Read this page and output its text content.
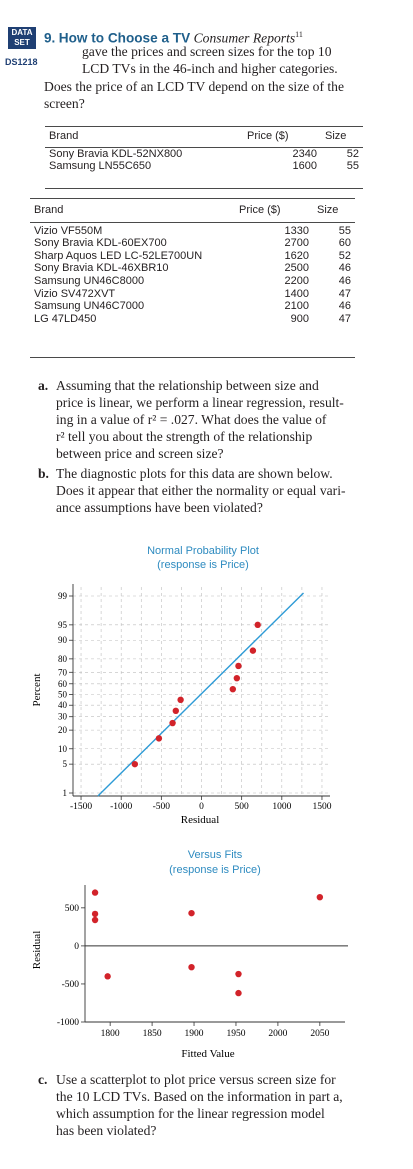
DATA
SET
DS1218
9. How to Choose a TV Consumer Reports$^{11}$
gave the prices and screen sizes for the top 10
LCD TVs in the 46-inch and higher categories.
Does the price of an LCD TV depend on the size of the
screen?
Brand	Price ($)	Size

Sony Bravia KDL-52NX800	2340	52
Samsung LN55C650	1600	55
Brand	Price ($)	Size

Vizio VF550M	1330	55
Sony Bravia KDL-60EX700	2700	60
Sharp Aquos LED LC-52LE700UN	1620	52
Sony Bravia KDL-46XBR10	2500	46
Samsung UN46C8000	2200	46
Vizio SV472XVT	1400	47
Samsung UN46C7000	2100	46
LG 47LD450	900	47
a. Assuming that the relationship between size and
price is linear, we perform a linear regression, result-
ing in a value of r² = .027. What does the value of
r² tell you about the strength of the relationship
between price and screen size?
b. The diagnostic plots for this data are shown below.
Does it appear that either the normality or equal vari-
ance assumptions have been violated?
Normal Probability Plot
(response is Price)
1
5
10
20
30
40
50
60
70
80
90
95
99
-1500 -1000 -500	0	500 1000 1500
Residual
Percent
Versus Fits
(response is Price)
-1000
-500
0
500
1800 1850 1900 1950 2000 2050
Fitted Value
Residual
c. Use a scatterplot to plot price versus screen size for
the 10 LCD TVs. Based on the information in part a,
which assumption for the linear regression model
has been violated?
